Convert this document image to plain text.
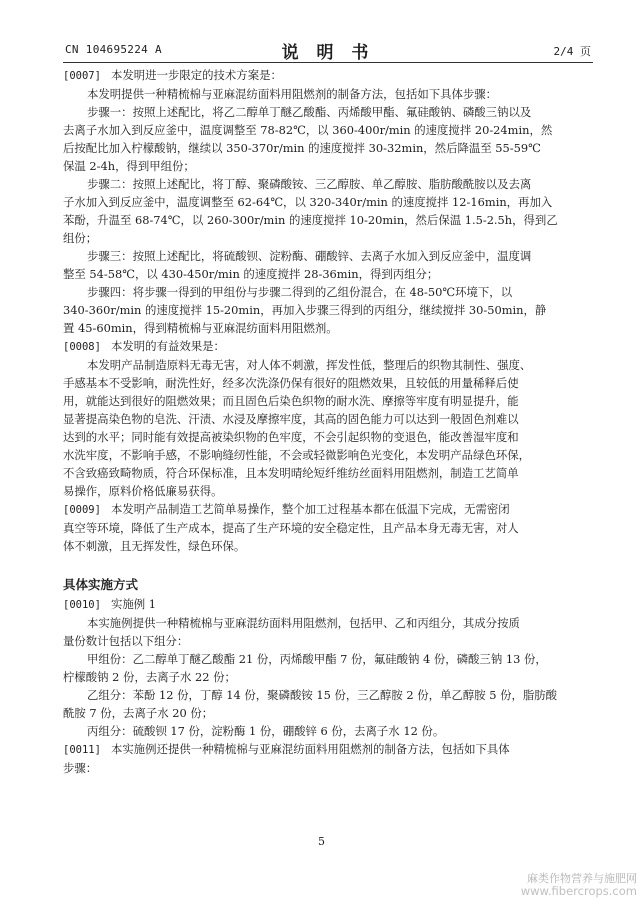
CN 104695224 A	说 明 书	2/4 页
[0007] 本发明进一步限定的技术方案是：
本发明提供一种精梳棉与亚麻混纺面料用阻燃剂的制备方法，包括如下具体步骤：
步骤一：按照上述配比，将乙二醇单丁醚乙酸酯、丙烯酸甲酯、氟硅酸钠、磷酸三钠以及
去离子水加入到反应釜中，温度调整至 78-82℃，以 360-400r/min 的速度搅拌 20-24min，然
后按配比加入柠檬酸钠，继续以 350-370r/min 的速度搅拌 30-32min，然后降温至 55-59℃
保温 2-4h，得到甲组份；
步骤二：按照上述配比，将丁醇、聚磷酸铵、三乙醇胺、单乙醇胺、脂肪酸酰胺以及去离
子水加入到反应釜中，温度调整至 62-64℃，以 320-340r/min 的速度搅拌 12-16min，再加入
苯酚，升温至 68-74℃，以 260-300r/min 的速度搅拌 10-20min，然后保温 1.5-2.5h，得到乙
组份；
步骤三：按照上述配比，将硫酸钡、淀粉酶、硼酸锌、去离子水加入到反应釜中，温度调
整至 54-58℃，以 430-450r/min 的速度搅拌 28-36min，得到丙组分；
步骤四：将步骤一得到的甲组份与步骤二得到的乙组份混合，在 48-50℃环境下，以
340-360r/min 的速度搅拌 15-20min，再加入步骤三得到的丙组分，继续搅拌 30-50min，静
置 45-60min，得到精梳棉与亚麻混纺面料用阻燃剂。
[0008] 本发明的有益效果是：
本发明产品制造原料无毒无害，对人体不刺激，挥发性低，整理后的织物其制性、强度、
手感基本不受影响，耐洗性好，经多次洗涤仍保有很好的阻燃效果，且较低的用量稀释后使
用，就能达到很好的阻燃效果；而且固色后染色织物的耐水洗、摩擦等牢度有明显提升，能
显著提高染色物的皂洗、汗渍、水浸及摩擦牢度，其高的固色能力可以达到一般固色剂难以
达到的水平；同时能有效提高被染织物的色牢度，不会引起织物的变退色，能改善湿牢度和
水洗牢度，不影响手感，不影响缝纫性能，不会或轻微影响色光变化，本发明产品绿色环保，
不含致癌致畸物质，符合环保标准，且本发明晴纶短纤维纺丝面料用阻燃剂，制造工艺简单
易操作，原料价格低廉易获得。
[0009] 本发明产品制造工艺简单易操作，整个加工过程基本都在低温下完成，无需密闭
真空等环境，降低了生产成本，提高了生产环境的安全稳定性，且产品本身无毒无害，对人
体不刺激，且无挥发性，绿色环保。

具体实施方式

[0010] 实施例 1
本实施例提供一种精梳棉与亚麻混纺面料用阻燃剂，包括甲、乙和丙组分，其成分按质
量份数计包括以下组分：
甲组份：乙二醇单丁醚乙酸酯 21 份，丙烯酸甲酯 7 份，氟硅酸钠 4 份，磷酸三钠 13 份，
柠檬酸钠 2 份，去离子水 22 份；
乙组分：苯酚 12 份，丁醇 14 份，聚磷酸铵 15 份，三乙醇胺 2 份，单乙醇胺 5 份，脂肪酸
酰胺 7 份，去离子水 20 份；
丙组分：硫酸钡 17 份，淀粉酶 1 份，硼酸锌 6 份，去离子水 12 份。
[0011] 本实施例还提供一种精梳棉与亚麻混纺面料用阻燃剂的制备方法，包括如下具体
步骤：
5
麻类作物营养与施肥网
www.fibercrops.com
